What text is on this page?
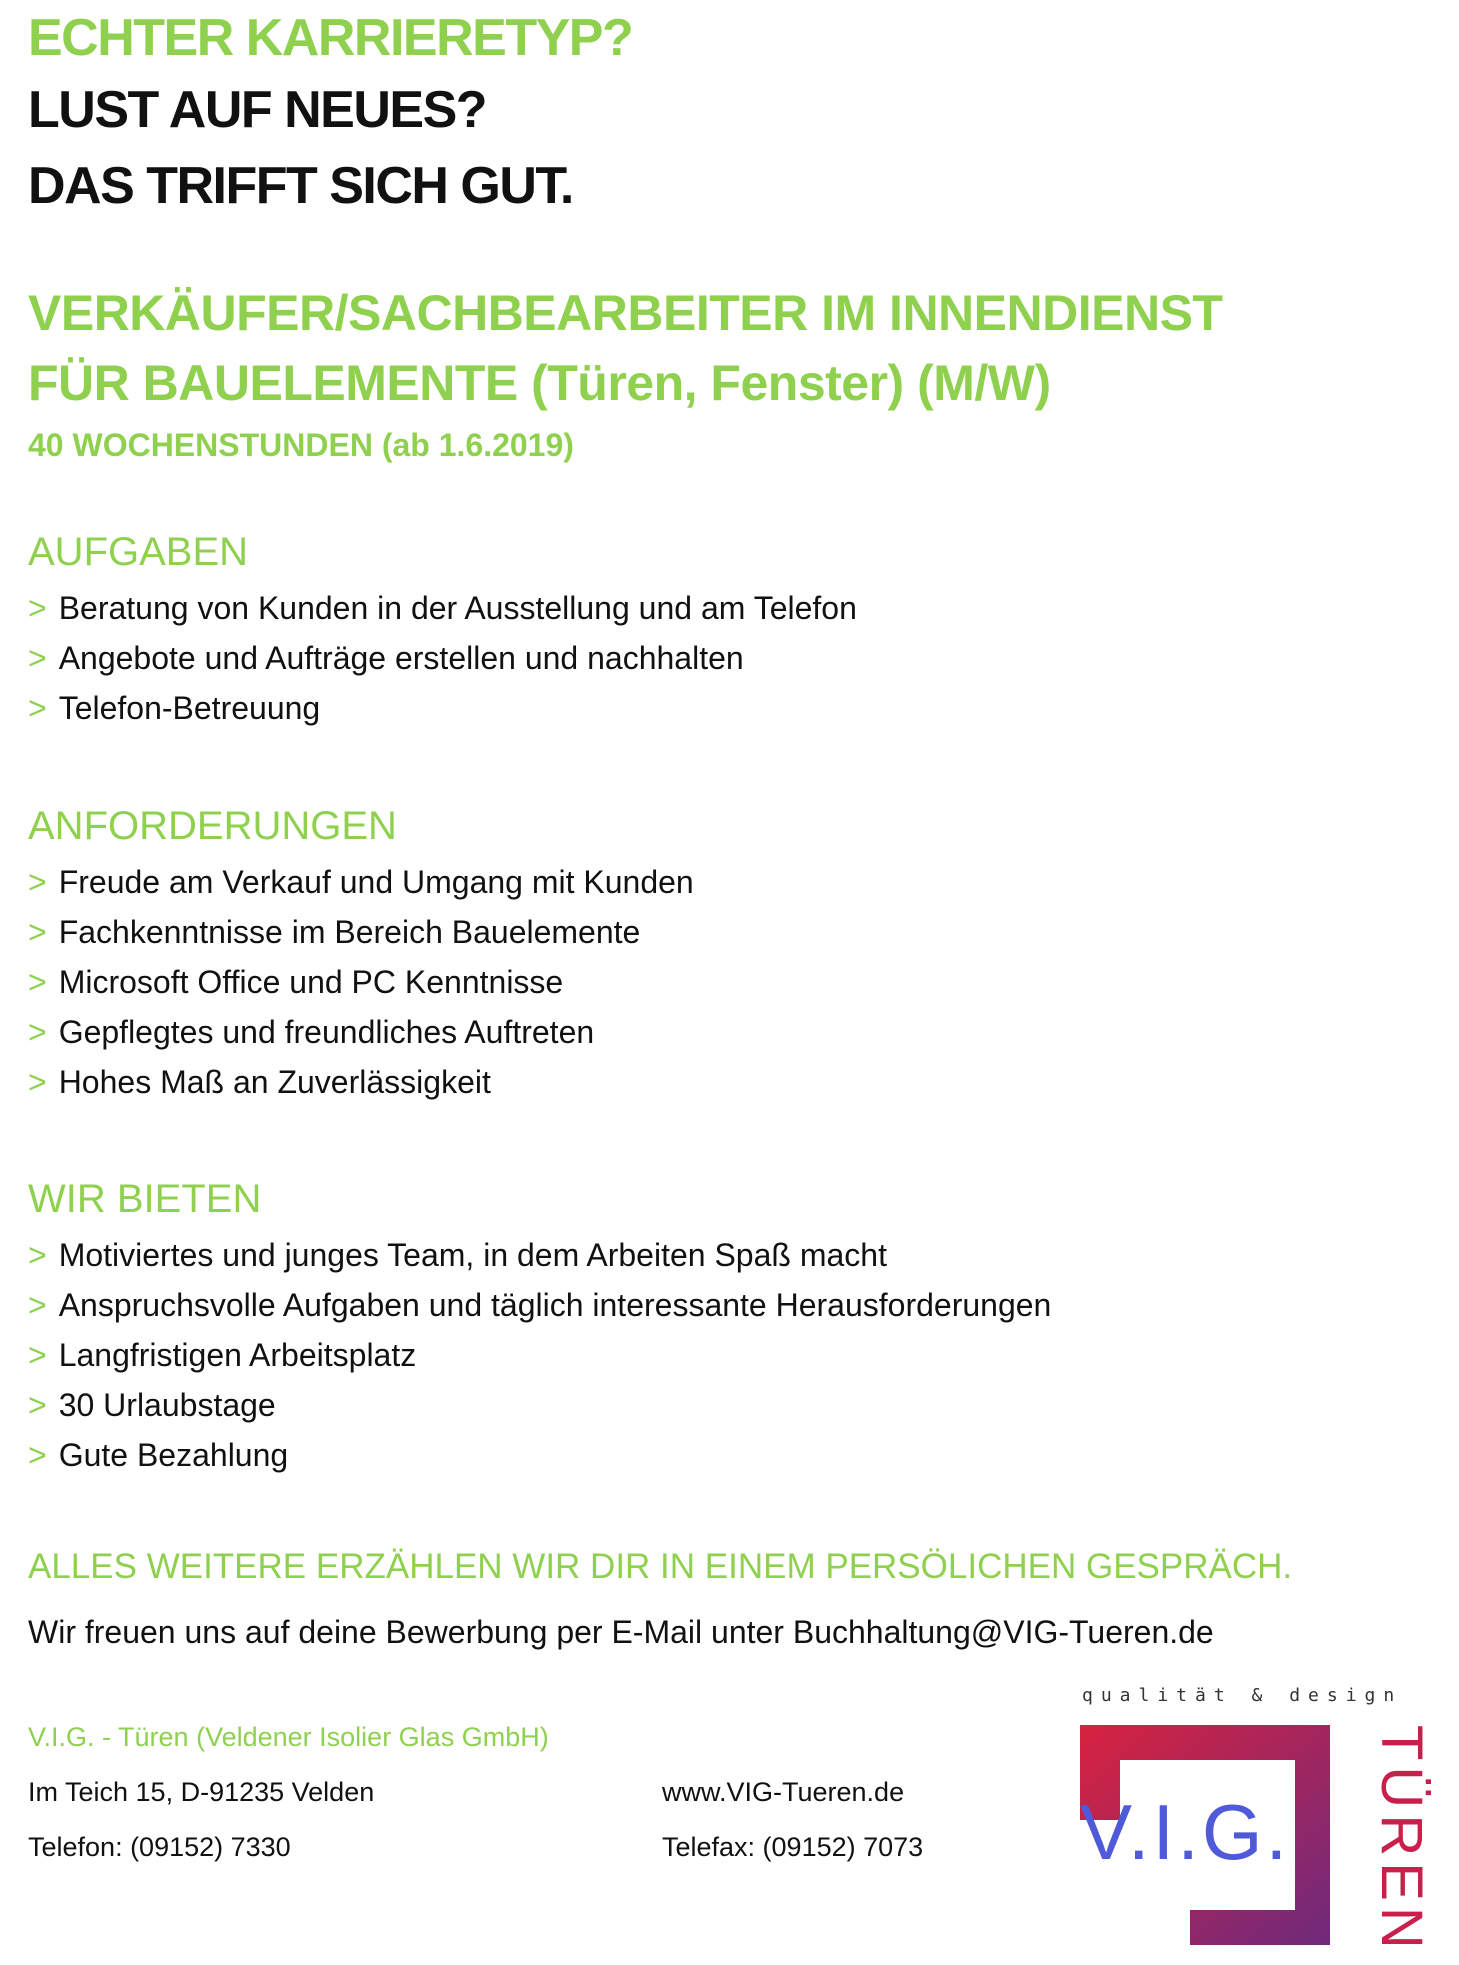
ECHTER KARRIERETYP?

LUST AUF NEUES?

DAS TRIFFT SICH GUT.

VERKÄUFER/SACHBEARBEITER IM INNENDIENST

FÜR BAUELEMENTE (Türen, Fenster) (M/W)

40 WOCHENSTUNDEN (ab 1.6.2019)

AUFGABEN

> Beratung von Kunden in der Ausstellung und am Telefon
> Angebote und Aufträge erstellen und nachhalten
> Telefon-Betreuung

ANFORDERUNGEN

> Freude am Verkauf und Umgang mit Kunden
> Fachkenntnisse im Bereich Bauelemente
> Microsoft Office und PC Kenntnisse
> Gepflegtes und freundliches Auftreten
> Hohes Maß an Zuverlässigkeit

WIR BIETEN

> Motiviertes und junges Team, in dem Arbeiten Spaß macht
> Anspruchsvolle Aufgaben und täglich interessante Herausforderungen
> Langfristigen Arbeitsplatz
> 30 Urlaubstage
> Gute Bezahlung

ALLES WEITERE ERZÄHLEN WIR DIR IN EINEM PERSÖLICHEN GESPRÄCH.

Wir freuen uns auf deine Bewerbung per E-Mail unter Buchhaltung@VIG-Tueren.de

V.I.G. - Türen (Veldener Isolier Glas GmbH)

Im Teich 15, D-91235 Velden	www.VIG-Tueren.de

Telefon: (09152) 7330	Telefax: (09152) 7073

qualität & design

V.I.G. TÜREN
